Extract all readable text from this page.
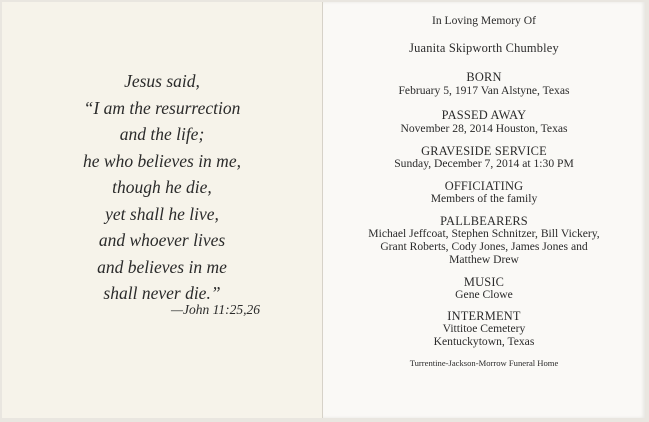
Jesus said,
“I am the resurrection
and the life;
he who believes in me,
though he die,
yet shall he live,
and whoever lives
and believes in me
shall never die.”
—John 11:25,26
In Loving Memory Of
Juanita Skipworth Chumbley
BORN
February 5, 1917 Van Alstyne, Texas
PASSED AWAY
November 28, 2014 Houston, Texas
GRAVESIDE SERVICE
Sunday, December 7, 2014 at 1:30 PM
OFFICIATING
Members of the family
PALLBEARERS
Michael Jeffcoat, Stephen Schnitzer, Bill Vickery,
Grant Roberts, Cody Jones, James Jones and
Matthew Drew
MUSIC
Gene Clowe
INTERMENT
Vittitoe Cemetery
Kentuckytown, Texas
Turrentine-Jackson-Morrow Funeral Home
